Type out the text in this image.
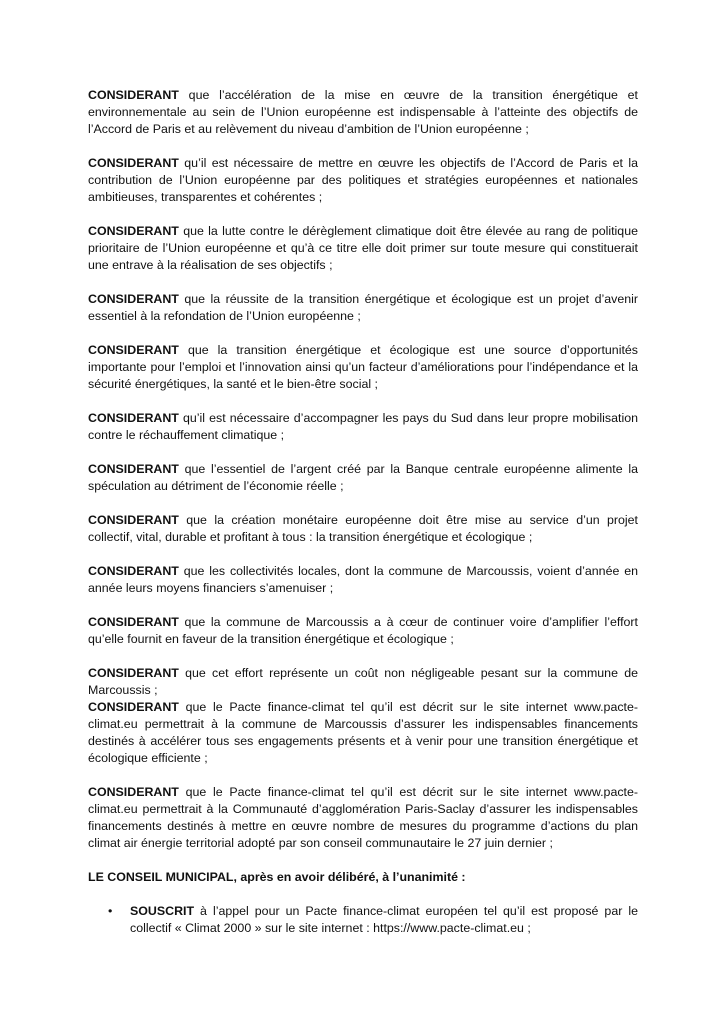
CONSIDERANT que l’accélération de la mise en œuvre de la transition énergétique et environnementale au sein de l’Union européenne est indispensable à l’atteinte des objectifs de l’Accord de Paris et au relèvement du niveau d’ambition de l’Union européenne ;

CONSIDERANT qu’il est nécessaire de mettre en œuvre les objectifs de l’Accord de Paris et la contribution de l’Union européenne par des politiques et stratégies européennes et nationales ambitieuses, transparentes et cohérentes ;

CONSIDERANT que la lutte contre le dérèglement climatique doit être élevée au rang de politique prioritaire de l’Union européenne et qu’à ce titre elle doit primer sur toute mesure qui constituerait une entrave à la réalisation de ses objectifs ;

CONSIDERANT que la réussite de la transition énergétique et écologique est un projet d’avenir essentiel à la refondation de l’Union européenne ;

CONSIDERANT que la transition énergétique et écologique est une source d’opportunités importante pour l’emploi et l’innovation ainsi qu’un facteur d’améliorations pour l’indépendance et la sécurité énergétiques, la santé et le bien-être social ;

CONSIDERANT qu’il est nécessaire d’accompagner les pays du Sud dans leur propre mobilisation contre le réchauffement climatique ;

CONSIDERANT que l’essentiel de l’argent créé par la Banque centrale européenne alimente la spéculation au détriment de l’économie réelle ;

CONSIDERANT que la création monétaire européenne doit être mise au service d’un projet collectif, vital, durable et profitant à tous : la transition énergétique et écologique ;

CONSIDERANT que les collectivités locales, dont la commune de Marcoussis, voient d’année en année leurs moyens financiers s’amenuiser ;

CONSIDERANT que la commune de Marcoussis a à cœur de continuer voire d’amplifier l’effort qu’elle fournit en faveur de la transition énergétique et écologique ;

CONSIDERANT que cet effort représente un coût non négligeable pesant sur la commune de Marcoussis ;

CONSIDERANT que le Pacte finance-climat tel qu’il est décrit sur le site internet www.pacte-climat.eu permettrait à la commune de Marcoussis d’assurer les indispensables financements destinés à accélérer tous ses engagements présents et à venir pour une transition énergétique et écologique efficiente ;

CONSIDERANT que le Pacte finance-climat tel qu’il est décrit sur le site internet www.pacte-climat.eu permettrait à la Communauté d’agglomération Paris-Saclay d’assurer les indispensables financements destinés à mettre en œuvre nombre de mesures du programme d’actions du plan climat air énergie territorial adopté par son conseil communautaire le 27 juin dernier ;

LE CONSEIL MUNICIPAL, après en avoir délibéré, à l’unanimité :

•	SOUSCRIT à l’appel pour un Pacte finance-climat européen tel qu’il est proposé par le collectif « Climat 2000 » sur le site internet : https://www.pacte-climat.eu ;
